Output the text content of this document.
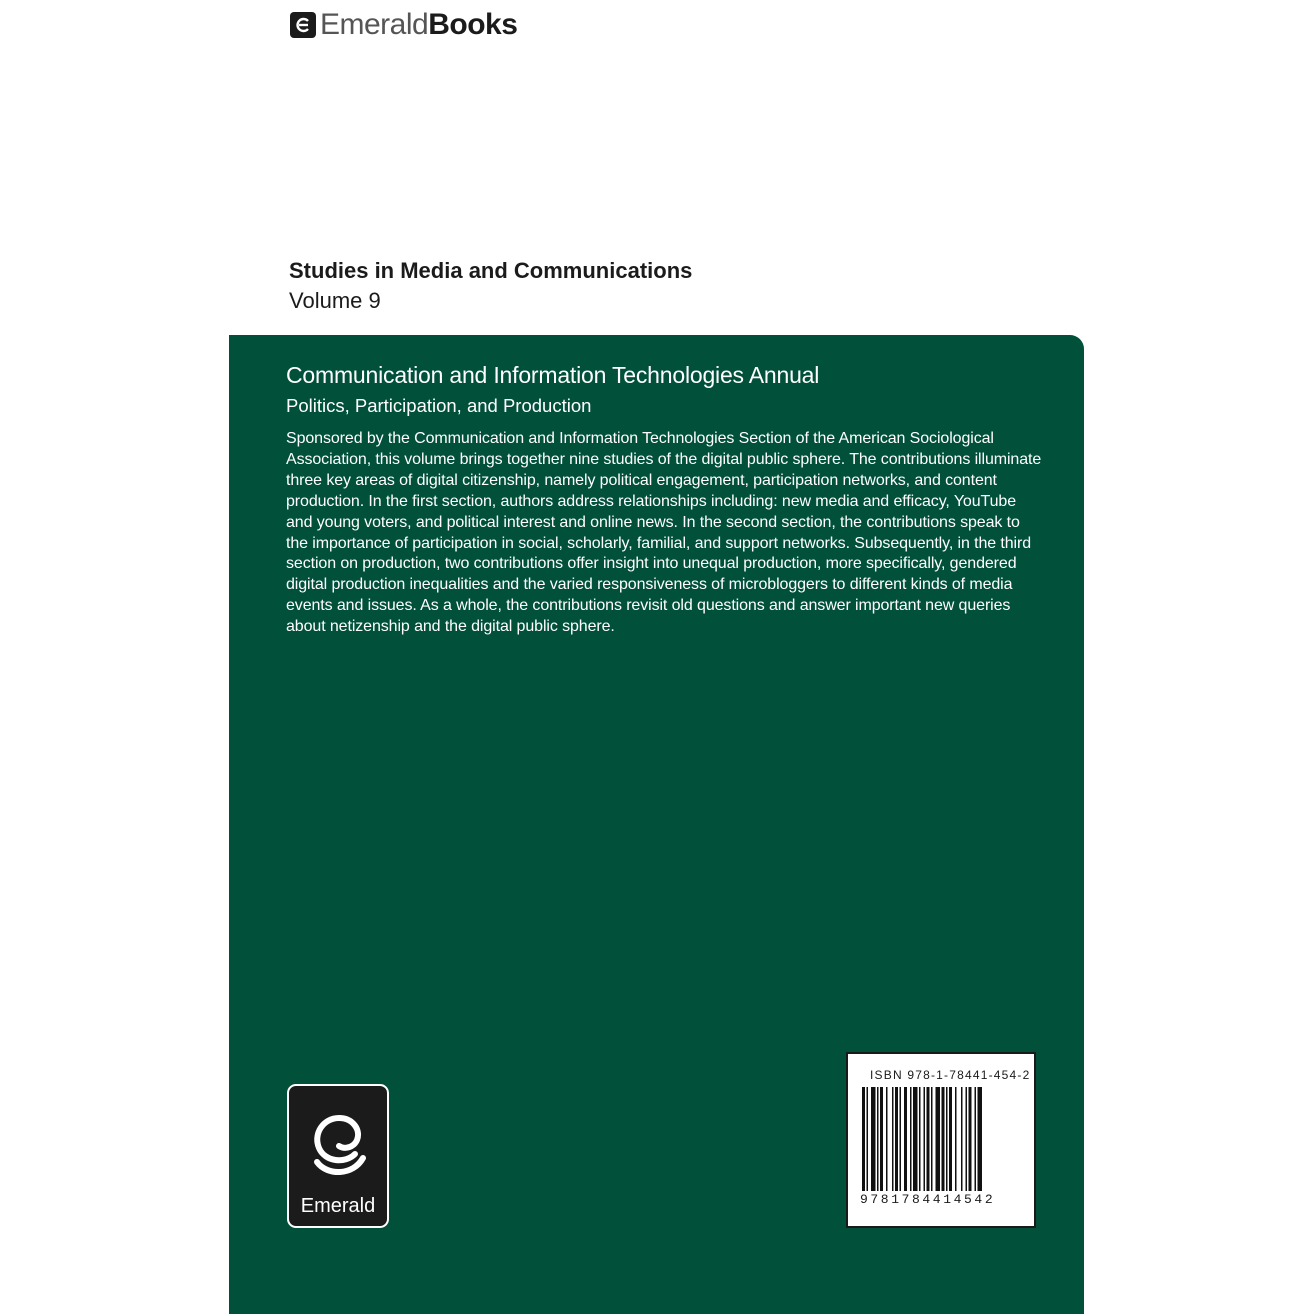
Emerald Books
Studies in Media and Communications
Volume 9
Communication and Information Technologies Annual
Politics, Participation, and Production
Sponsored by the Communication and Information Technologies Section of the American Sociological Association, this volume brings together nine studies of the digital public sphere. The contributions illuminate three key areas of digital citizenship, namely political engagement, participation networks, and content production. In the first section, authors address relationships including: new media and efficacy, YouTube and young voters, and political interest and online news. In the second section, the contributions speak to the importance of participation in social, scholarly, familial, and support networks. Subsequently, in the third section on production, two contributions offer insight into unequal production, more specifically, gendered digital production inequalities and the varied responsiveness of microbloggers to different kinds of media events and issues. As a whole, the contributions revisit old questions and answer important new queries about netizenship and the digital public sphere.
Emerald
ISBN 978-1-78441-454-2
9781784414542
